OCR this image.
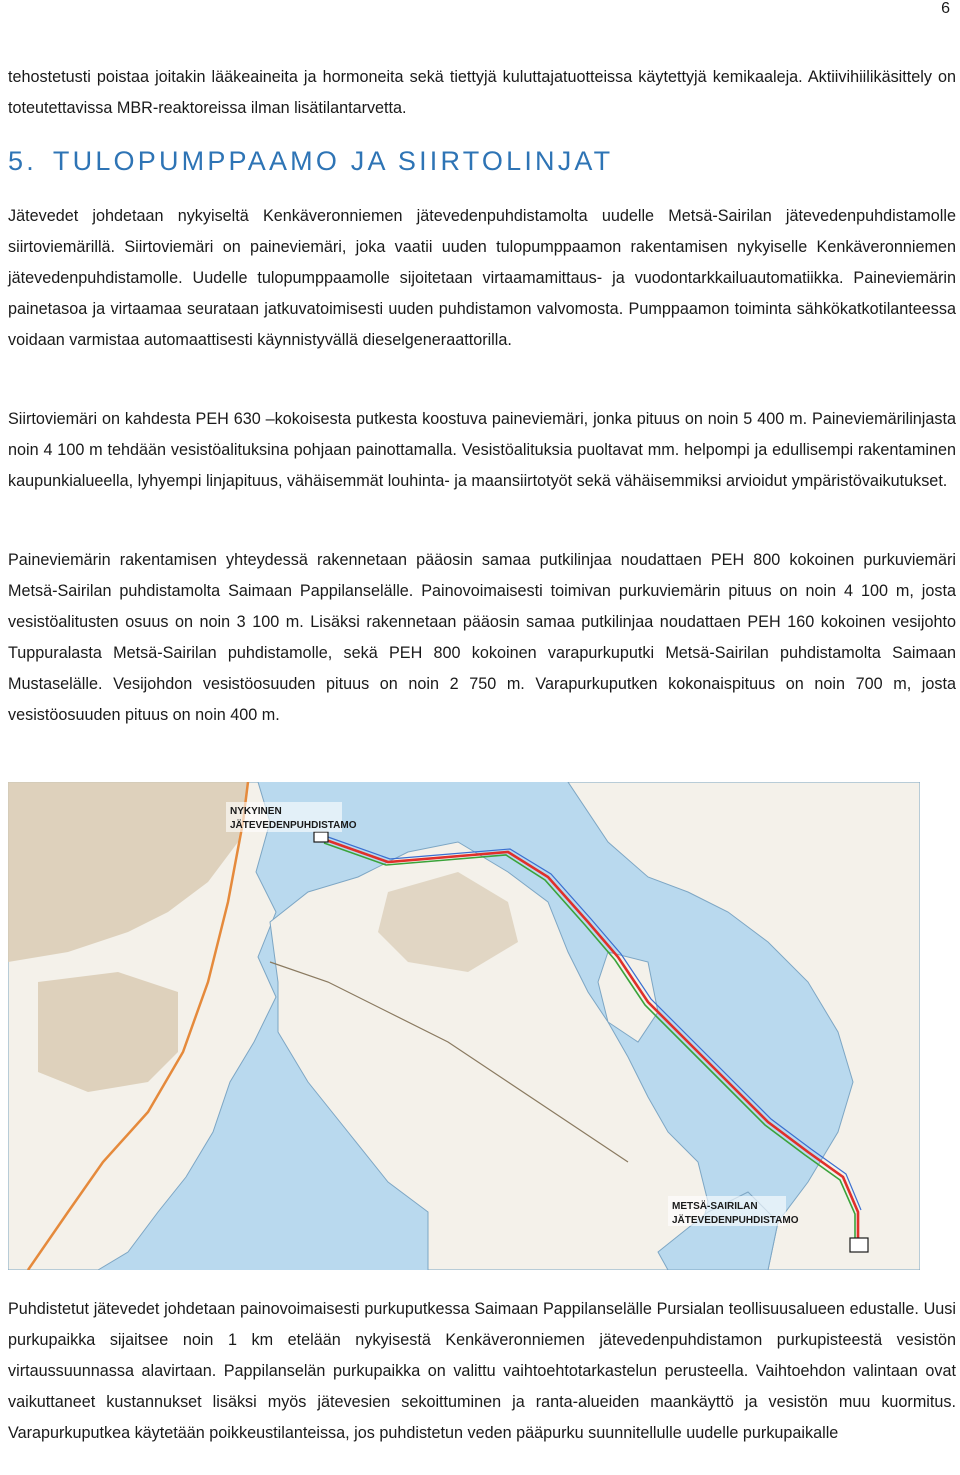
6

tehostetusti poistaa joitakin lääkeaineita ja hormoneita sekä tiettyjä kuluttajatuotteissa käytettyjä kemikaaleja. Aktiivihiilikäsittely on toteutettavissa MBR-reaktoreissa ilman lisätilantarvetta.

5. TULOPUMPPAAMO JA SIIRTOLINJAT

Jätevedet johdetaan nykyiseltä Kenkäveronniemen jätevedenpuhdistamolta uudelle Metsä-Sairilan jätevedenpuhdistamolle siirtoviemärillä. Siirtoviemäri on paineviemäri, joka vaatii uuden tulopumppaamon rakentamisen nykyiselle Kenkäveronniemen jätevedenpuhdistamolle. Uudelle tulopumppaamolle sijoitetaan virtaamamittaus- ja vuodontarkkailuautomatiikka. Paineviemärin painetasoa ja virtaamaa seurataan jatkuvatoimisesti uuden puhdistamon valvomosta. Pumppaamon toiminta sähkökatkotilanteessa voidaan varmistaa automaattisesti käynnistyvällä dieselgeneraattorilla.

Siirtoviemäri on kahdesta PEH 630 –kokoisesta putkesta koostuva paineviemäri, jonka pituus on noin 5 400 m. Paineviemärilinjasta noin 4 100 m tehdään vesistöalituksina pohjaan painottamalla. Vesistöalituksia puoltavat mm. helpompi ja edullisempi rakentaminen kaupunkialueella, lyhyempi linjapituus, vähäisemmät louhinta- ja maansiirtotyöt sekä vähäisemmiksi arvioidut ympäristövaikutukset.

Paineviemärin rakentamisen yhteydessä rakennetaan pääosin samaa putkilinjaa noudattaen PEH 800 kokoinen purkuviemäri Metsä-Sairilan puhdistamolta Saimaan Pappilanselälle. Painovoimaisesti toimivan purkuviemärin pituus on noin 4 100 m, josta vesistöalitusten osuus on noin 3 100 m. Lisäksi rakennetaan pääosin samaa putkilinjaa noudattaen PEH 160 kokoinen vesijohto Tuppuralasta Metsä-Sairilan puhdistamolle, sekä PEH 800 kokoinen varapurkuputki Metsä-Sairilan puhdistamolta Saimaan Mustaselälle. Vesijohdon vesistöosuuden pituus on noin 2 750 m. Varapurkuputken kokonaispituus on noin 700 m, josta vesistöosuuden pituus on noin 400 m.

NYKYINEN
JÄTEVEDENPUHDISTAMO
METSÄ-SAIRILAN
JÄTEVEDENPUHDISTAMO

Puhdistetut jätevedet johdetaan painovoimaisesti purkuputkessa Saimaan Pappilanselälle Pursialan teollisuusalueen edustalle. Uusi purkupaikka sijaitsee noin 1 km etelään nykyisestä Kenkäveronniemen jätevedenpuhdistamon purkupisteestä vesistön virtaussuunnassa alavirtaan. Pappilanselän purkupaikka on valittu vaihtoehtotarkastelun perusteella. Vaihtoehdon valintaan ovat vaikuttaneet kustannukset lisäksi myös jätevesien sekoittuminen ja ranta-alueiden maankäyttö ja vesistön muu kuormitus. Varapurkuputkea käytetään poikkeustilanteissa, jos puhdistetun veden pääpurku suunnitellulle uudelle purkupaikalle
